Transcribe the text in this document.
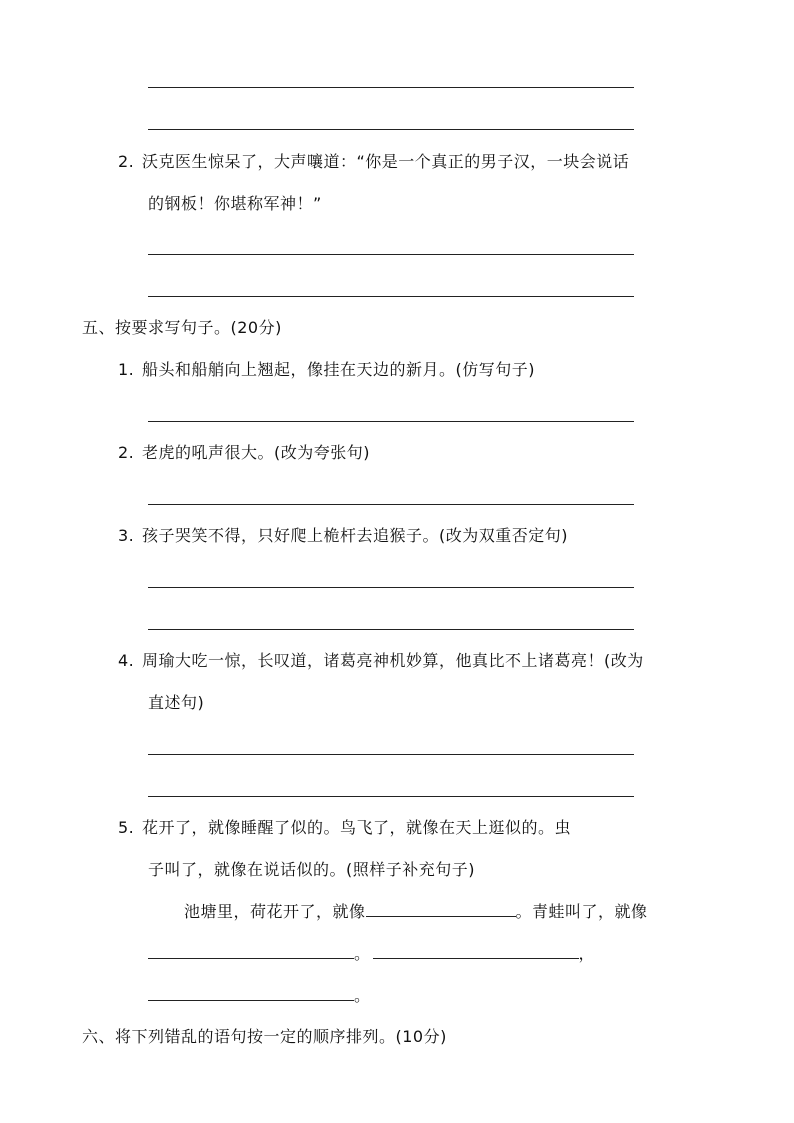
2. 沃克医生惊呆了，大声嚷道：“你是一个真正的男子汉，一块会说话
的钢板！你堪称军神！”
五、按要求写句子。(20分)
1. 船头和船艄向上翘起，像挂在天边的新月。(仿写句子)
2. 老虎的吼声很大。(改为夸张句)
3. 孩子哭笑不得，只好爬上桅杆去追猴子。(改为双重否定句)
4. 周瑜大吃一惊，长叹道，诸葛亮神机妙算，他真比不上诸葛亮！(改为
直述句)
5. 花开了，就像睡醒了似的。鸟飞了，就像在天上逛似的。虫
子叫了，就像在说话似的。(照样子补充句子)
池塘里，荷花开了，就像	。青蛙叫了，就像
。	，
。
六、将下列错乱的语句按一定的顺序排列。(10分)
